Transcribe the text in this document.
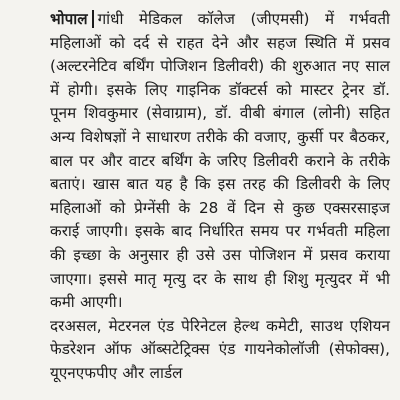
भोपाल गांधी मेडिकल कॉलेज (जीएमसी) में गर्भवती महिलाओं को दर्द से राहत देने और सहज स्थिति में प्रसव (अल्टरनेटिव बर्थिंग पोजिशन डिलीवरी) की शुरुआत नए साल में होगी। इसके लिए गाइनिक डॉक्टर्स को मास्टर ट्रेनर डॉ. पूनम शिवकुमार (सेवाग्राम), डॉ. वीबी बंगाल (लोनी) सहित अन्य विशेषज्ञों ने साधारण तरीके की वजाए, कुर्सी पर बैठकर, बाल पर और वाटर बर्थिंग के जरिए डिलीवरी कराने के तरीके बताएं। खास बात यह है कि इस तरह की डिलीवरी के लिए महिलाओं को प्रेग्नेंसी के 28 वें दिन से कुछ एक्सरसाइज कराई जाएगी। इसके बाद निर्धारित समय पर गर्भवती महिला की इच्छा के अनुसार ही उसे उस पोजिशन में प्रसव कराया जाएगा। इससे मातृ मृत्यु दर के साथ ही शिशु मृत्युदर में भी कमी आएगी।

दरअसल, मेटरनल एंड पेरिनेटल हेल्थ कमेटी, साउथ एशियन फेडरेशन ऑफ ऑब्सटेट्रिक्स एंड गायनेकोलॉजी (सेफोक्स), यूएनएफपीए और लार्डल
